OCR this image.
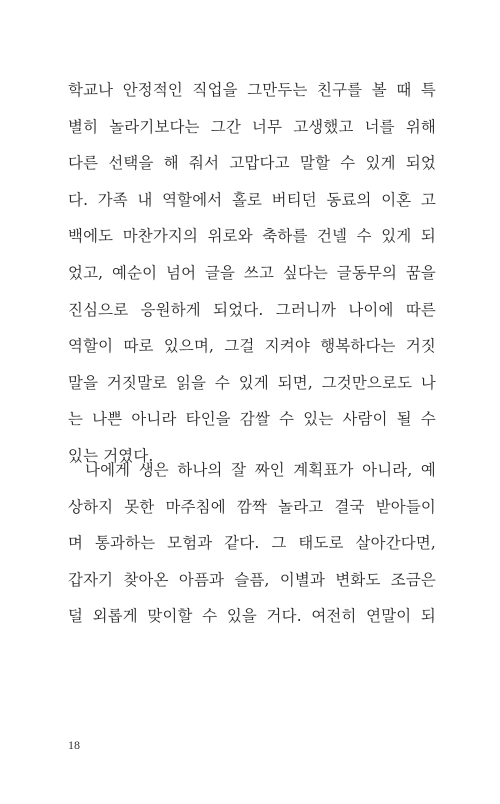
학교나 안정적인 직업을 그만두는 친구를 볼 때 특
별히 놀라기보다는 그간 너무 고생했고 너를 위해
다른 선택을 해 줘서 고맙다고 말할 수 있게 되었
다. 가족 내 역할에서 홀로 버티던 동료의 이혼 고
백에도 마찬가지의 위로와 축하를 건넬 수 있게 되
었고, 예순이 넘어 글을 쓰고 싶다는 글동무의 꿈을
진심으로 응원하게 되었다. 그러니까 나이에 따른
역할이 따로 있으며, 그걸 지켜야 행복하다는 거짓
말을 거짓말로 읽을 수 있게 되면, 그것만으로도 나
는 나쁜 아니라 타인을 감쌀 수 있는 사람이 될 수
있는 거였다.
나에게 생은 하나의 잘 짜인 계획표가 아니라, 예
상하지 못한 마주침에 깜짝 놀라고 결국 받아들이
며 통과하는 모험과 같다. 그 태도로 살아간다면,
갑자기 찾아온 아픔과 슬픔, 이별과 변화도 조금은
덜 외롭게 맞이할 수 있을 거다. 여전히 연말이 되
18
